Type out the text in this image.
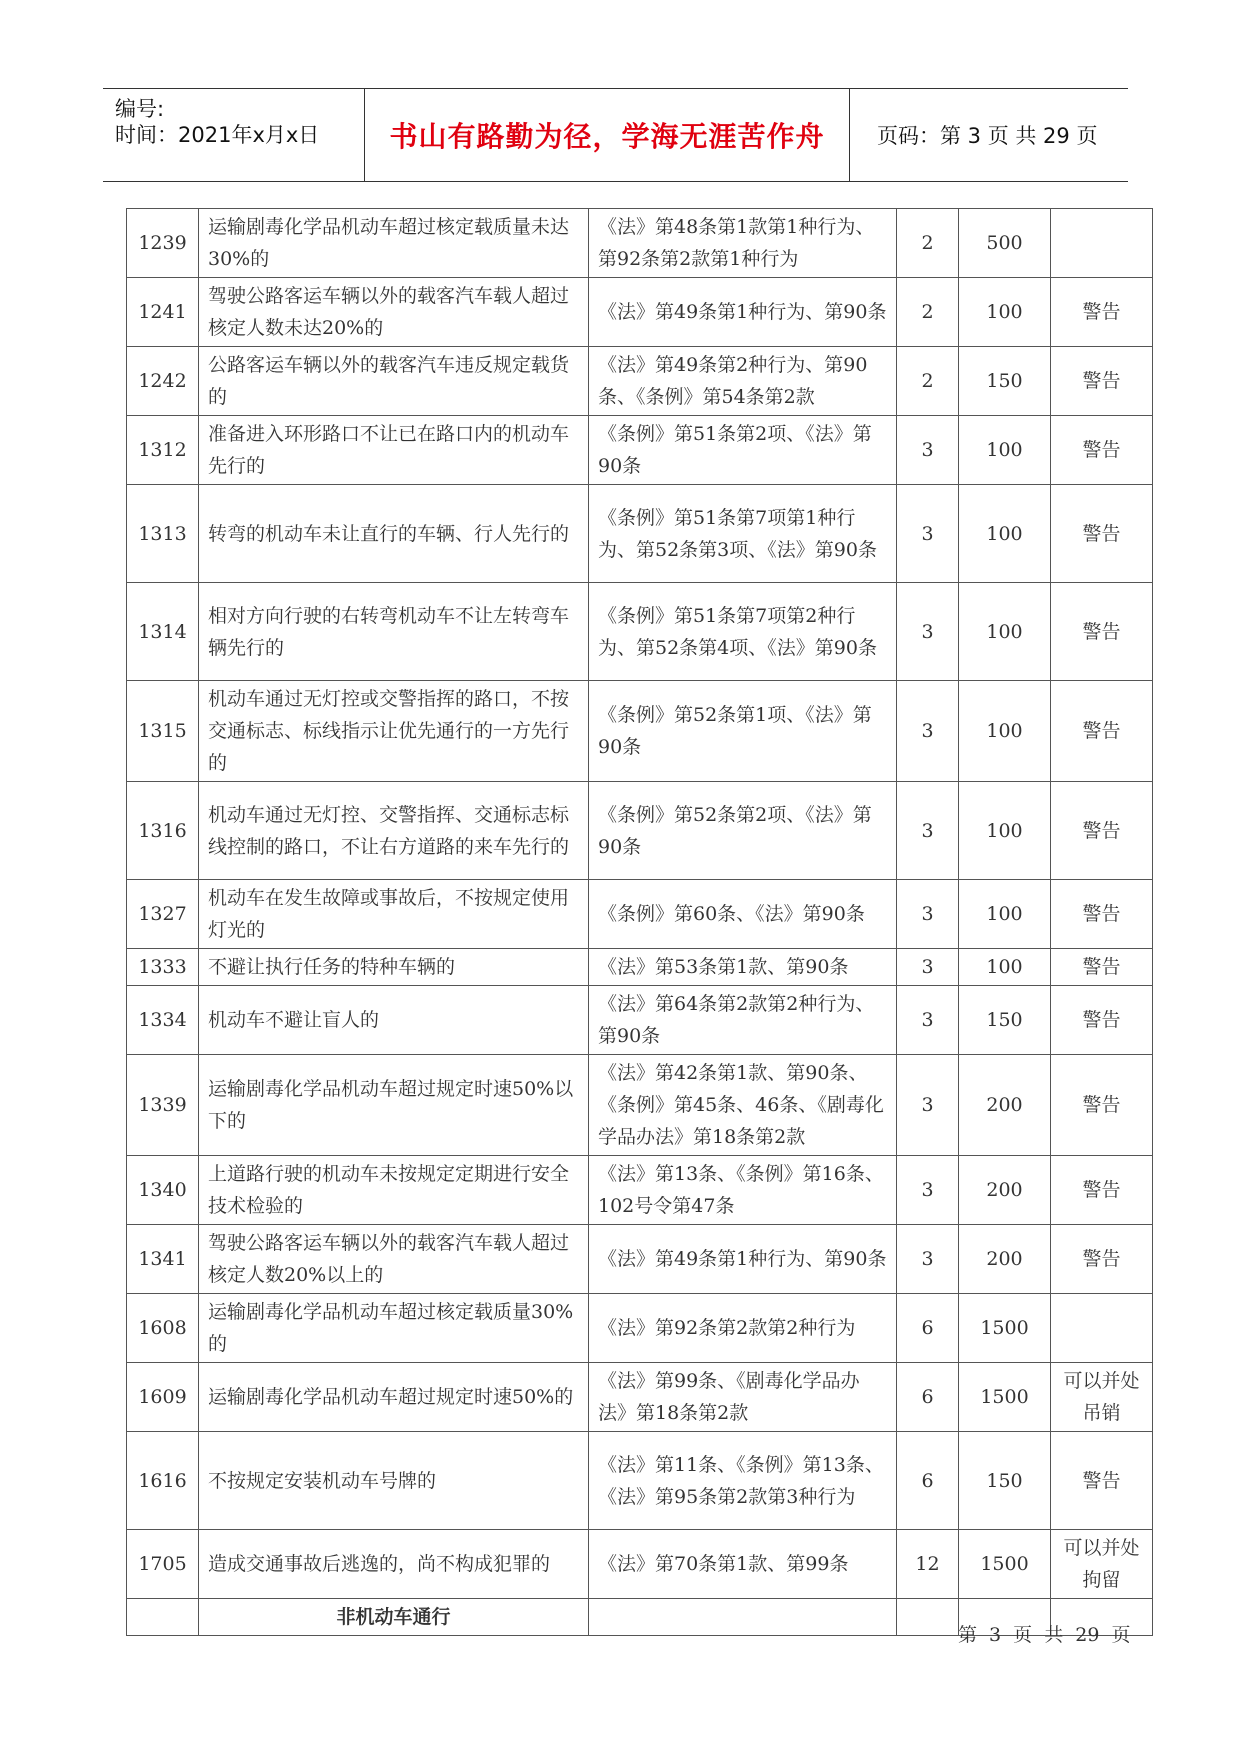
编号:
时间：2021年x月x日	书山有路勤为径，学海无涯苦作舟	页码：第 3 页 共 29 页
1239	运输剧毒化学品机动车超过核定载质量未达30%的	《法》第48条第1款第1种行为、第92条第2款第1种行为	2	500	
1241	驾驶公路客运车辆以外的载客汽车载人超过核定人数未达20%的	《法》第49条第1种行为、第90条	2	100	警告
1242	公路客运车辆以外的载客汽车违反规定载货的	《法》第49条第2种行为、第90条、《条例》第54条第2款	2	150	警告
1312	准备进入环形路口不让已在路口内的机动车先行的	《条例》第51条第2项、《法》第90条	3	100	警告
1313	转弯的机动车未让直行的车辆、行人先行的	《条例》第51条第7项第1种行为、第52条第3项、《法》第90条	3	100	警告
1314	相对方向行驶的右转弯机动车不让左转弯车辆先行的	《条例》第51条第7项第2种行为、第52条第4项、《法》第90条	3	100	警告
1315	机动车通过无灯控或交警指挥的路口，不按交通标志、标线指示让优先通行的一方先行的	《条例》第52条第1项、《法》第90条	3	100	警告
1316	机动车通过无灯控、交警指挥、交通标志标线控制的路口，不让右方道路的来车先行的	《条例》第52条第2项、《法》第90条	3	100	警告
1327	机动车在发生故障或事故后，不按规定使用灯光的	《条例》第60条、《法》第90条	3	100	警告
1333	不避让执行任务的特种车辆的	《法》第53条第1款、第90条	3	100	警告
1334	机动车不避让盲人的	《法》第64条第2款第2种行为、第90条	3	150	警告
1339	运输剧毒化学品机动车超过规定时速50%以下的	《法》第42条第1款、第90条、《条例》第45条、46条、《剧毒化学品办法》第18条第2款	3	200	警告
1340	上道路行驶的机动车未按规定定期进行安全技术检验的	《法》第13条、《条例》第16条、102号令第47条	3	200	警告
1341	驾驶公路客运车辆以外的载客汽车载人超过核定人数20%以上的	《法》第49条第1种行为、第90条	3	200	警告
1608	运输剧毒化学品机动车超过核定载质量30%的	《法》第92条第2款第2种行为	6	1500	
1609	运输剧毒化学品机动车超过规定时速50%的	《法》第99条、《剧毒化学品办法》第18条第2款	6	1500	可以并处吊销
1616	不按规定安装机动车号牌的	《法》第11条、《条例》第13条、《法》第95条第2款第3种行为	6	150	警告
1705	造成交通事故后逃逸的，尚不构成犯罪的	《法》第70条第1款、第99条	12	1500	可以并处拘留
	非机动车通行				
第 3 页 共 29 页
